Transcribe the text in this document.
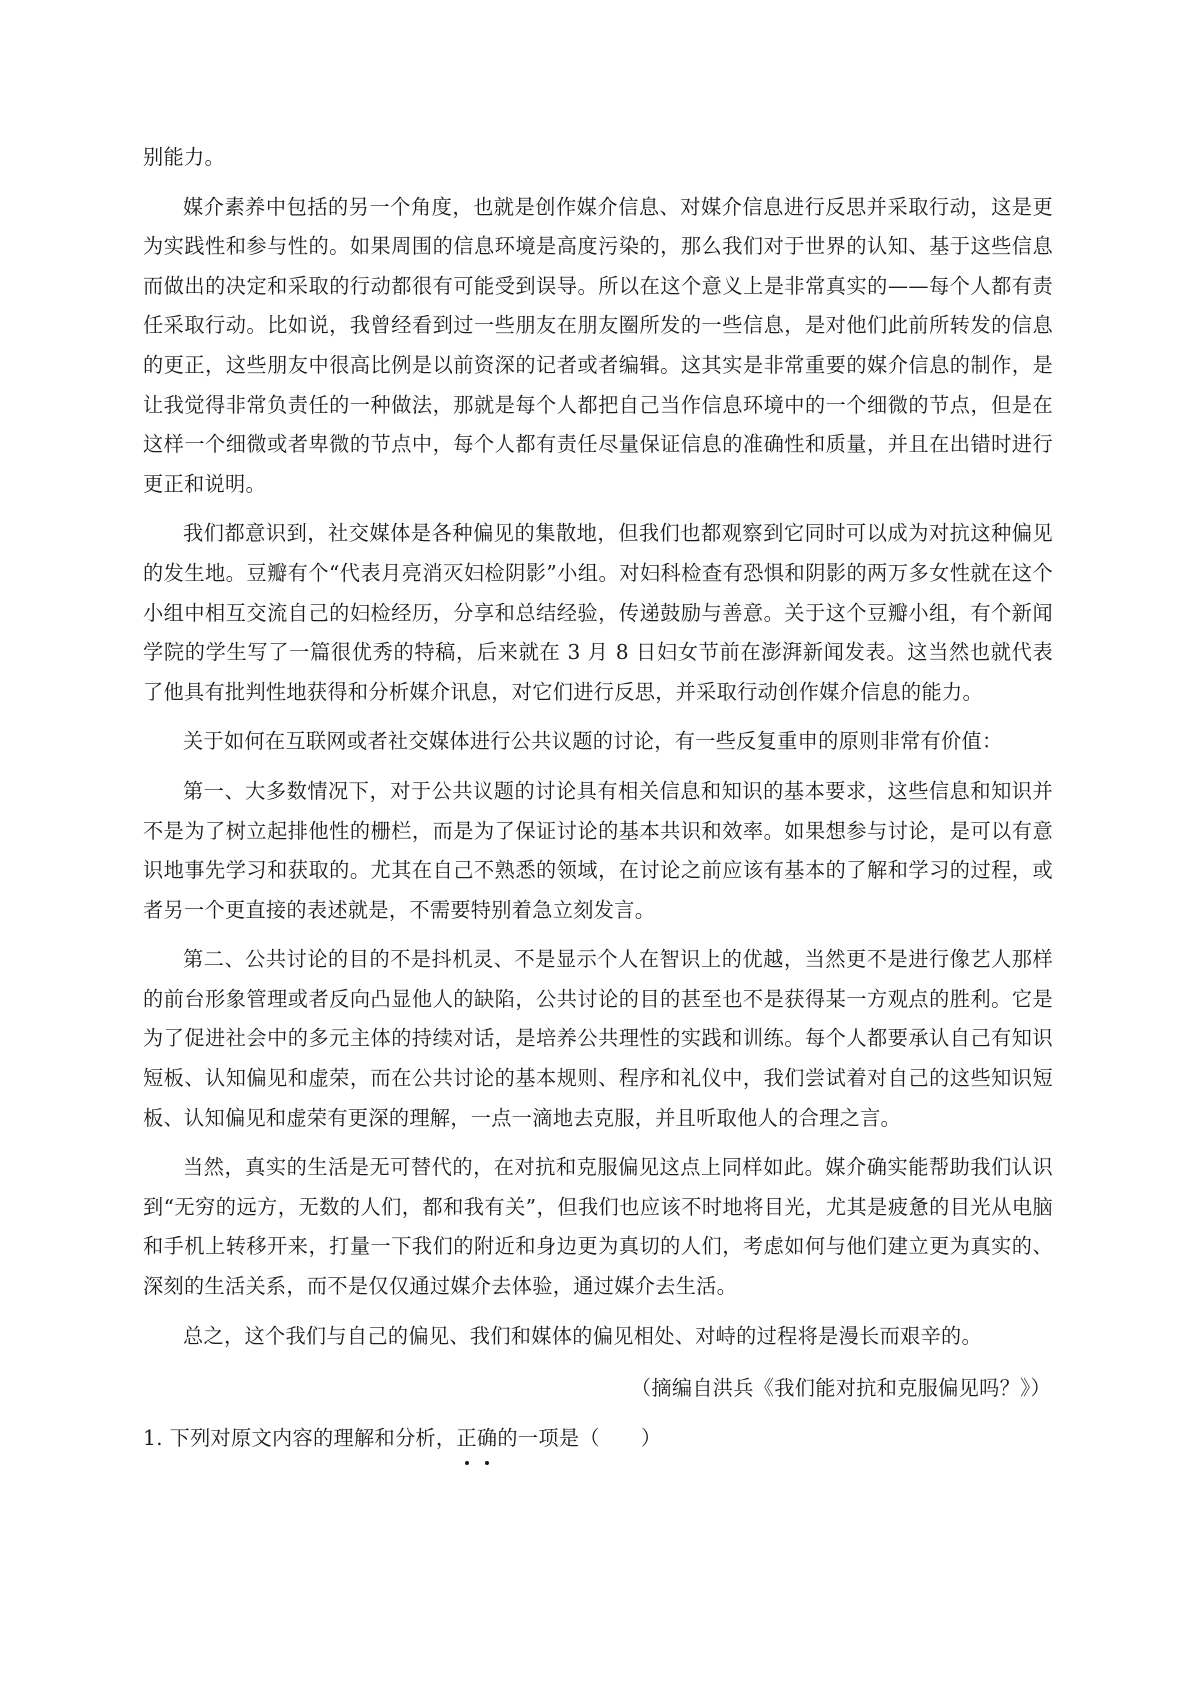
别能力。

媒介素养中包括的另一个角度，也就是创作媒介信息、对媒介信息进行反思并采取行动，这是更为实践性和参与性的。如果周围的信息环境是高度污染的，那么我们对于世界的认知、基于这些信息而做出的决定和采取的行动都很有可能受到误导。所以在这个意义上是非常真实的——每个人都有责任采取行动。比如说，我曾经看到过一些朋友在朋友圈所发的一些信息，是对他们此前所转发的信息的更正，这些朋友中很高比例是以前资深的记者或者编辑。这其实是非常重要的媒介信息的制作，是让我觉得非常负责任的一种做法，那就是每个人都把自己当作信息环境中的一个细微的节点，但是在这样一个细微或者卑微的节点中，每个人都有责任尽量保证信息的准确性和质量，并且在出错时进行更正和说明。

我们都意识到，社交媒体是各种偏见的集散地，但我们也都观察到它同时可以成为对抗这种偏见的发生地。豆瓣有个“代表月亮消灭妇检阴影”小组。对妇科检查有恐惧和阴影的两万多女性就在这个小组中相互交流自己的妇检经历，分享和总结经验，传递鼓励与善意。关于这个豆瓣小组，有个新闻学院的学生写了一篇很优秀的特稿，后来就在 3 月 8 日妇女节前在澎湃新闻发表。这当然也就代表了他具有批判性地获得和分析媒介讯息，对它们进行反思，并采取行动创作媒介信息的能力。

关于如何在互联网或者社交媒体进行公共议题的讨论，有一些反复重申的原则非常有价值：

第一、大多数情况下，对于公共议题的讨论具有相关信息和知识的基本要求，这些信息和知识并不是为了树立起排他性的栅栏，而是为了保证讨论的基本共识和效率。如果想参与讨论，是可以有意识地事先学习和获取的。尤其在自己不熟悉的领域，在讨论之前应该有基本的了解和学习的过程，或者另一个更直接的表述就是，不需要特别着急立刻发言。

第二、公共讨论的目的不是抖机灵、不是显示个人在智识上的优越，当然更不是进行像艺人那样的前台形象管理或者反向凸显他人的缺陷，公共讨论的目的甚至也不是获得某一方观点的胜利。它是为了促进社会中的多元主体的持续对话，是培养公共理性的实践和训练。每个人都要承认自己有知识短板、认知偏见和虚荣，而在公共讨论的基本规则、程序和礼仪中，我们尝试着对自己的这些知识短板、认知偏见和虚荣有更深的理解，一点一滴地去克服，并且听取他人的合理之言。

当然，真实的生活是无可替代的，在对抗和克服偏见这点上同样如此。媒介确实能帮助我们认识到“无穷的远方，无数的人们，都和我有关”，但我们也应该不时地将目光，尤其是疲惫的目光从电脑和手机上转移开来，打量一下我们的附近和身边更为真切的人们，考虑如何与他们建立更为真实的、深刻的生活关系，而不是仅仅通过媒介去体验，通过媒介去生活。

总之，这个我们与自己的偏见、我们和媒体的偏见相处、对峙的过程将是漫长而艰辛的。

（摘编自洪兵《我们能对抗和克服偏见吗？》）

1. 下列对原文内容的理解和分析，正确的一项是（　　）
